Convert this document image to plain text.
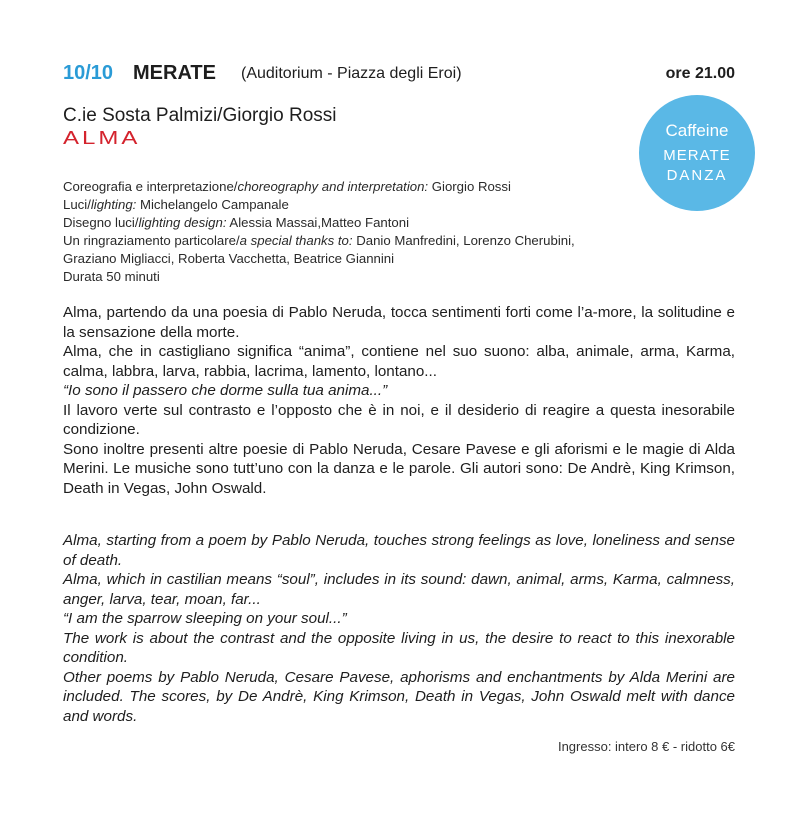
10/10 MERATE (Auditorium - Piazza degli Eroi)	ore 21.00
C.ie Sosta Palmizi/Giorgio Rossi
ALMA	Caffeine
MERATE
DANZA
Coreografia e interpretazione/choreography and interpretation: Giorgio Rossi
Luci/lighting: Michelangelo Campanale
Disegno luci/lighting design: Alessia Massai,Matteo Fantoni
Un ringraziamento particolare/a special thanks to: Danio Manfredini, Lorenzo Cherubini,
Graziano Migliacci, Roberta Vacchetta, Beatrice Giannini
Durata 50 minuti

Alma, partendo da una poesia di Pablo Neruda, tocca sentimenti forti come l’a-more, la solitudine e la sensazione della morte.

Alma, che in castigliano significa “anima”, contiene nel suo suono: alba, animale, arma, Karma, calma, labbra, larva, rabbia, lacrima, lamento, lontano...

“Io sono il passero che dorme sulla tua anima...”

Il lavoro verte sul contrasto e l’opposto che è in noi, e il desiderio di reagire a questa inesorabile condizione.

Sono inoltre presenti altre poesie di Pablo Neruda, Cesare Pavese e gli aforismi e le magie di Alda Merini. Le musiche sono tutt’uno con la danza e le parole. Gli autori sono: De Andrè, King Krimson, Death in Vegas, John Oswald.

Alma, starting from a poem by Pablo Neruda, touches strong feelings as love, loneliness and sense of death.

Alma, which in castilian means “soul”, includes in its sound: dawn, animal, arms, Karma, calmness, anger, larva, tear, moan, far...

“I am the sparrow sleeping on your soul...”

The work is about the contrast and the opposite living in us, the desire to react to this inexorable condition.

Other poems by Pablo Neruda, Cesare Pavese, aphorisms and enchantments by Alda Merini are included. The scores, by De Andrè, King Krimson, Death in Vegas, John Oswald melt with dance and words.

Ingresso: intero 8 € - ridotto 6€
